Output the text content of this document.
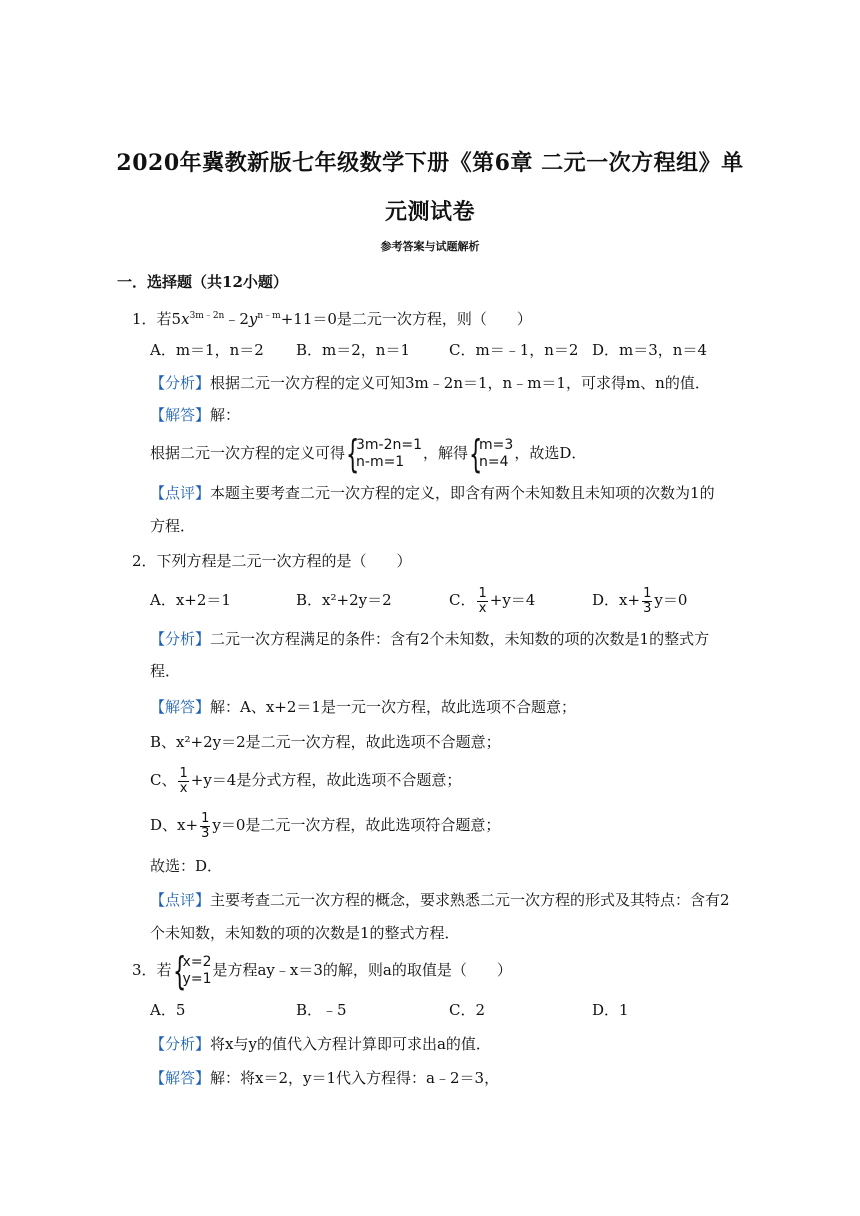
2020年冀教新版七年级数学下册《第6章 二元一次方程组》单
元测试卷
参考答案与试题解析
一．选择题（共12小题）
1．若$5x^{3m﹣2n}﹣2y^{n﹣m}+11=0$是二元一次方程，则（　　）
A．m＝1，n＝2 B．m＝2，n＝1	C．m＝﹣1，n＝2 D．m＝3，n＝4
【分析】根据二元一次方程的定义可知3m﹣2n＝1，n﹣m＝1，可求得m、n的值．
【解答】解：
根据二元一次方程的定义可得 {
3m-2n=1
n-m=1	，解得 {
m=3
n=4 ，故选D．
【点评】本题主要考查二元一次方程的定义，即含有两个未知数且未知项的次数为1的
方程．
2．下列方程是二元一次方程的是（　　）
A．x+2＝1	B．x²+2y＝2	C． $\frac{1}{x} +y=4$	D．$x+ \frac{1}{3} y=0$
【分析】二元一次方程满足的条件：含有2个未知数，未知数的项的次数是1的整式方
程．
【解答】解：A、x+2＝1是一元一次方程，故此选项不合题意；
B、x²+2y＝2是二元一次方程，故此选项不合题意；
C、 $\frac{1}{x} +y=4$是分式方程，故此选项不合题意；
D、$x+ \frac{1}{3} y=0$是二元一次方程，故此选项符合题意；
故选：D．
【点评】主要考查二元一次方程的概念，要求熟悉二元一次方程的形式及其特点：含有2
个未知数，未知数的项的次数是1的整式方程．
3．若 {
x=2
y=1 是方程ay﹣x＝3的解，则a的取值是（　　）
A．5	B．﹣5	C．2	D．1
【分析】将x与y的值代入方程计算即可求出a的值．
【解答】解：将x＝2，y＝1代入方程得：a﹣2＝3，
